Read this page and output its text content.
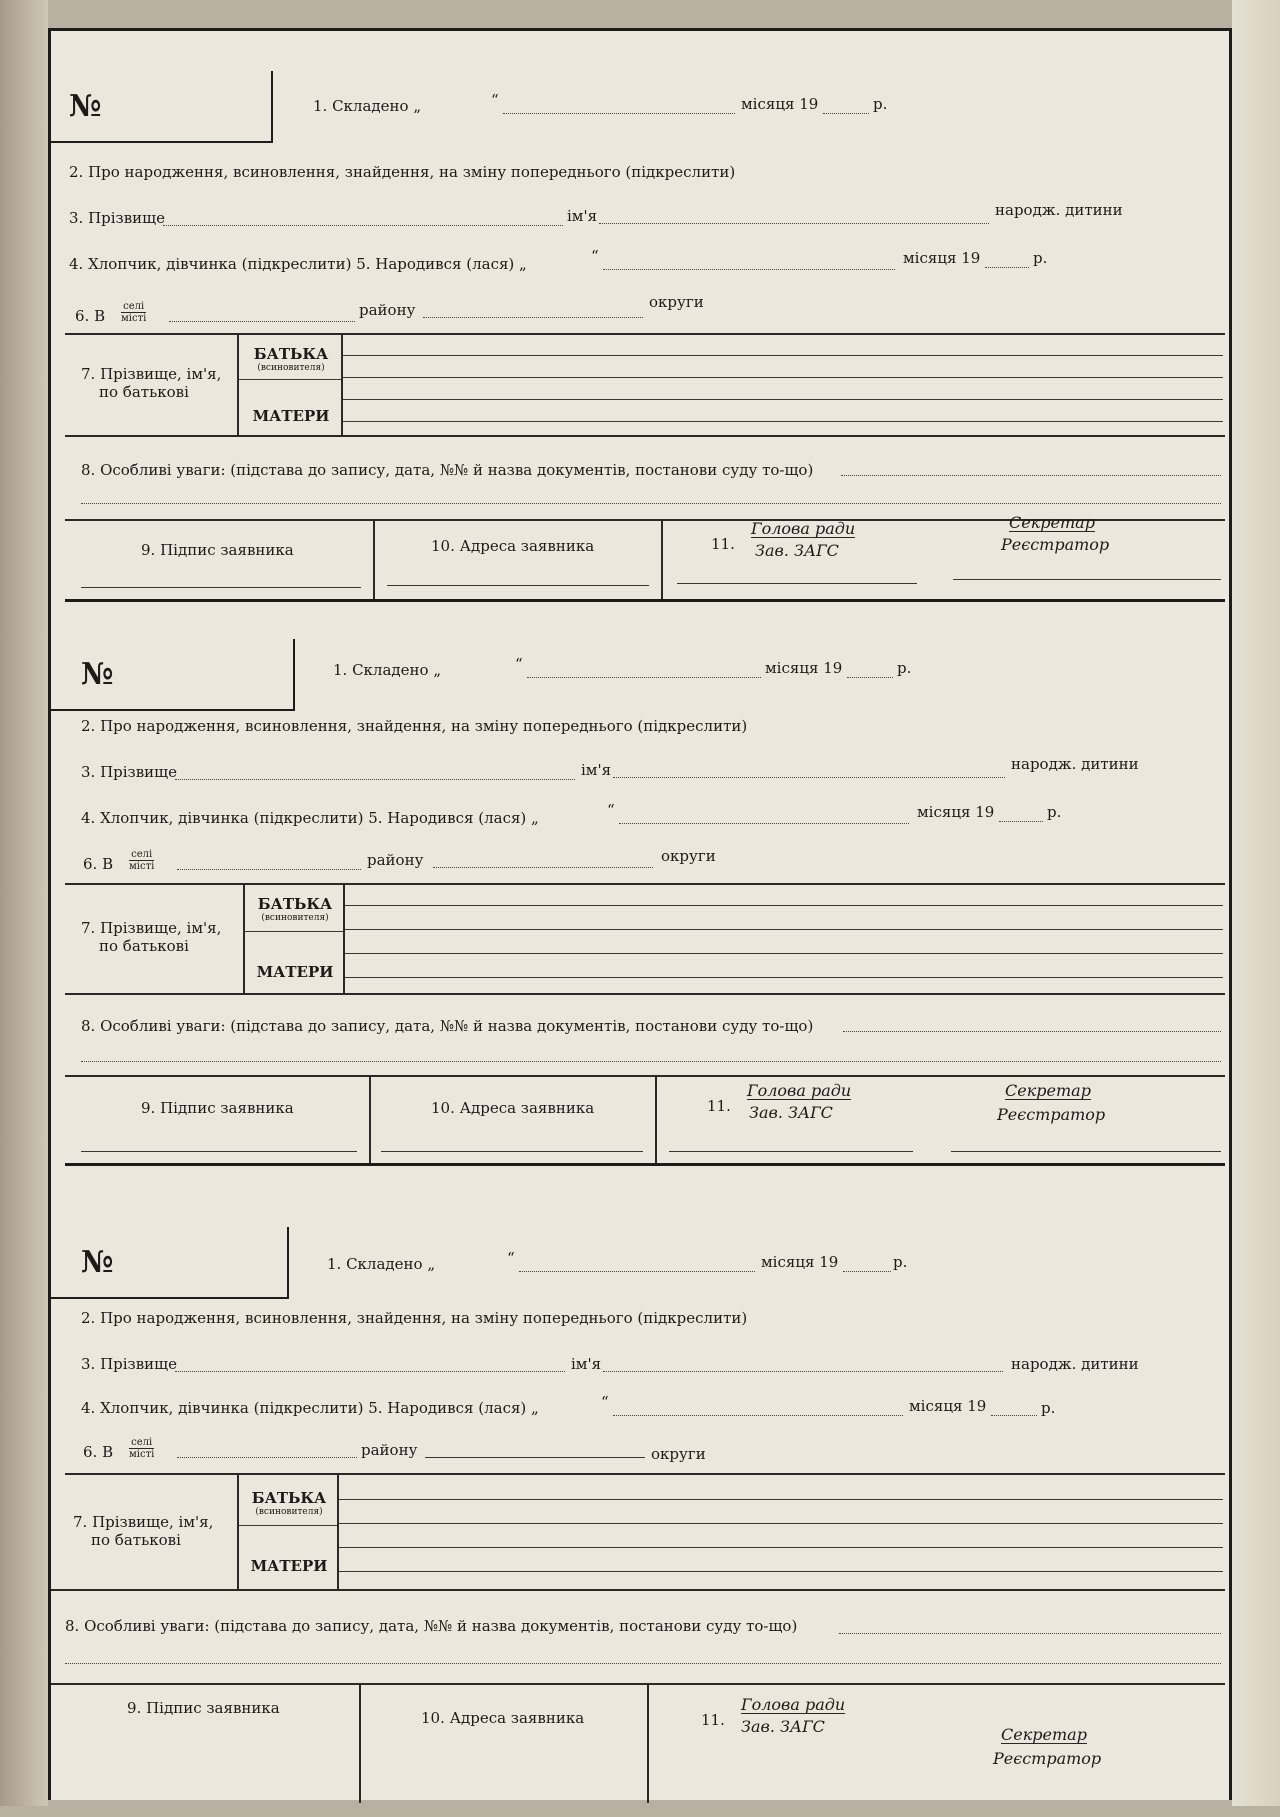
№	1. Складено „	“	місяця 19	р.
2. Про народження, всиновлення, знайдення, на зміну попереднього (підкреслити)
3. Прізвище	ім'я	народж. дитини
4. Хлопчик, дівчинка (підкреслити) 5. Народився (лася) „	“	місяця 19	р.
6. В
селі
місті	району	округи
7. Прізвище, ім'я,
по батькові
БАТЬКА
(всиновителя)
МАТЕРИ
8. Особливі уваги: (підстава до запису, дата, №№ й назва документів, постанови суду то-що)
9. Підпис заявника	10. Адреса заявника	11.
Голова ради
Зав. ЗАГС
Секретар
Реєстратор
№	1. Складено „	“	місяця 19	р.
2. Про народження, всиновлення, знайдення, на зміну попереднього (підкреслити)
3. Прізвище	ім'я	народж. дитини
4. Хлопчик, дівчинка (підкреслити) 5. Народився (лася) „	“	місяця 19	р.
6. В
селі
місті	району	округи
7. Прізвище, ім'я,
по батькові
БАТЬКА
(всиновителя)
МАТЕРИ
8. Особливі уваги: (підстава до запису, дата, №№ й назва документів, постанови суду то-що)
9. Підпис заявника	10. Адреса заявника	11.
Голова ради
Зав. ЗАГС
Секретар
Реєстратор
№	1. Складено „	“	місяця 19	р.
2. Про народження, всиновлення, знайдення, на зміну попереднього (підкреслити)
3. Прізвище	ім'я	народж. дитини
4. Хлопчик, дівчинка (підкреслити) 5. Народився (лася) „	“	місяця 19	р.
6. В
селі
місті	району	округи
7. Прізвище, ім'я,
по батькові
БАТЬКА
(всиновителя)
МАТЕРИ
8. Особливі уваги: (підстава до запису, дата, №№ й назва документів, постанови суду то-що)
9. Підпис заявника
10. Адреса заявника	11.
Голова ради
Зав. ЗАГС	Секретар
Реєстратор
